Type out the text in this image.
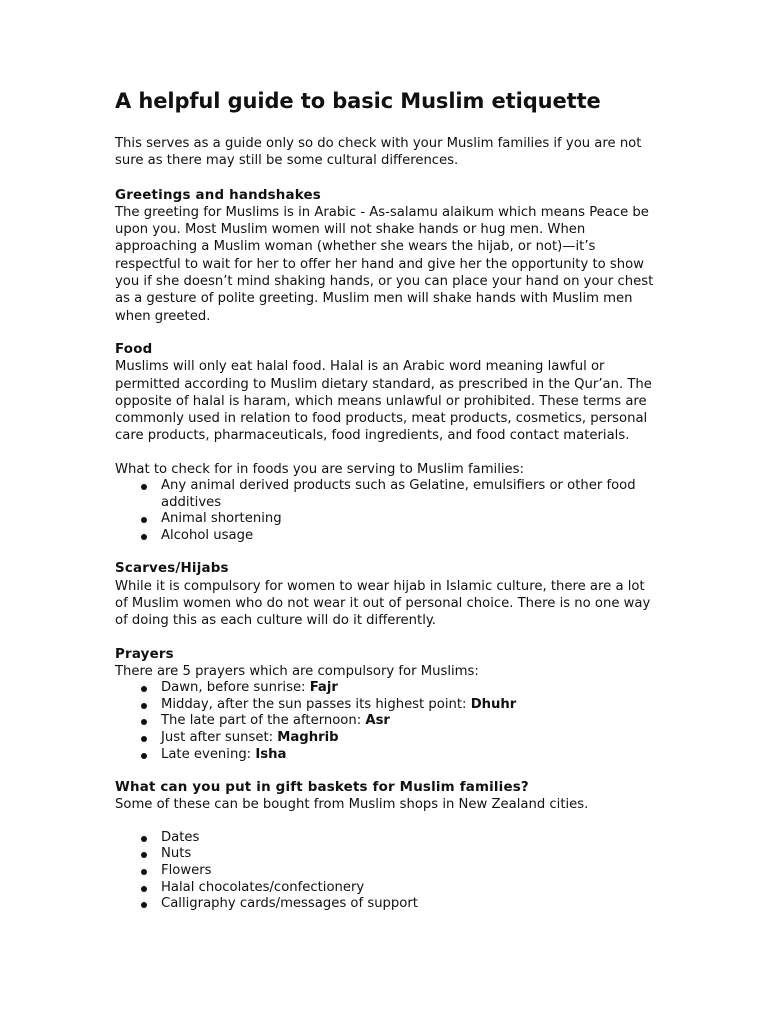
A helpful guide to basic Muslim etiquette

This serves as a guide only so do check with your Muslim families if you are not sure as there may still be some cultural differences.

Greetings and handshakes

The greeting for Muslims is in Arabic - As-salamu alaikum which means Peace be upon you. Most Muslim women will not shake hands or hug men. When approaching a Muslim woman (whether she wears the hijab, or not)—it’s respectful to wait for her to offer her hand and give her the opportunity to show you if she doesn’t mind shaking hands, or you can place your hand on your chest as a gesture of polite greeting. Muslim men will shake hands with Muslim men when greeted.

Food

Muslims will only eat halal food. Halal is an Arabic word meaning lawful or permitted according to Muslim dietary standard, as prescribed in the Qur’an. The opposite of halal is haram, which means unlawful or prohibited. These terms are commonly used in relation to food products, meat products, cosmetics, personal care products, pharmaceuticals, food ingredients, and food contact materials.

What to check for in foods you are serving to Muslim families:

Any animal derived products such as Gelatine, emulsifiers or other food additives
Animal shortening
Alcohol usage

Scarves/Hijabs

While it is compulsory for women to wear hijab in Islamic culture, there are a lot of Muslim women who do not wear it out of personal choice. There is no one way of doing this as each culture will do it differently.

Prayers

There are 5 prayers which are compulsory for Muslims:

Dawn, before sunrise: Fajr
Midday, after the sun passes its highest point: Dhuhr
The late part of the afternoon: Asr
Just after sunset: Maghrib
Late evening: Isha

What can you put in gift baskets for Muslim families?

Some of these can be bought from Muslim shops in New Zealand cities.

Dates
Nuts
Flowers
Halal chocolates/confectionery
Calligraphy cards/messages of support
